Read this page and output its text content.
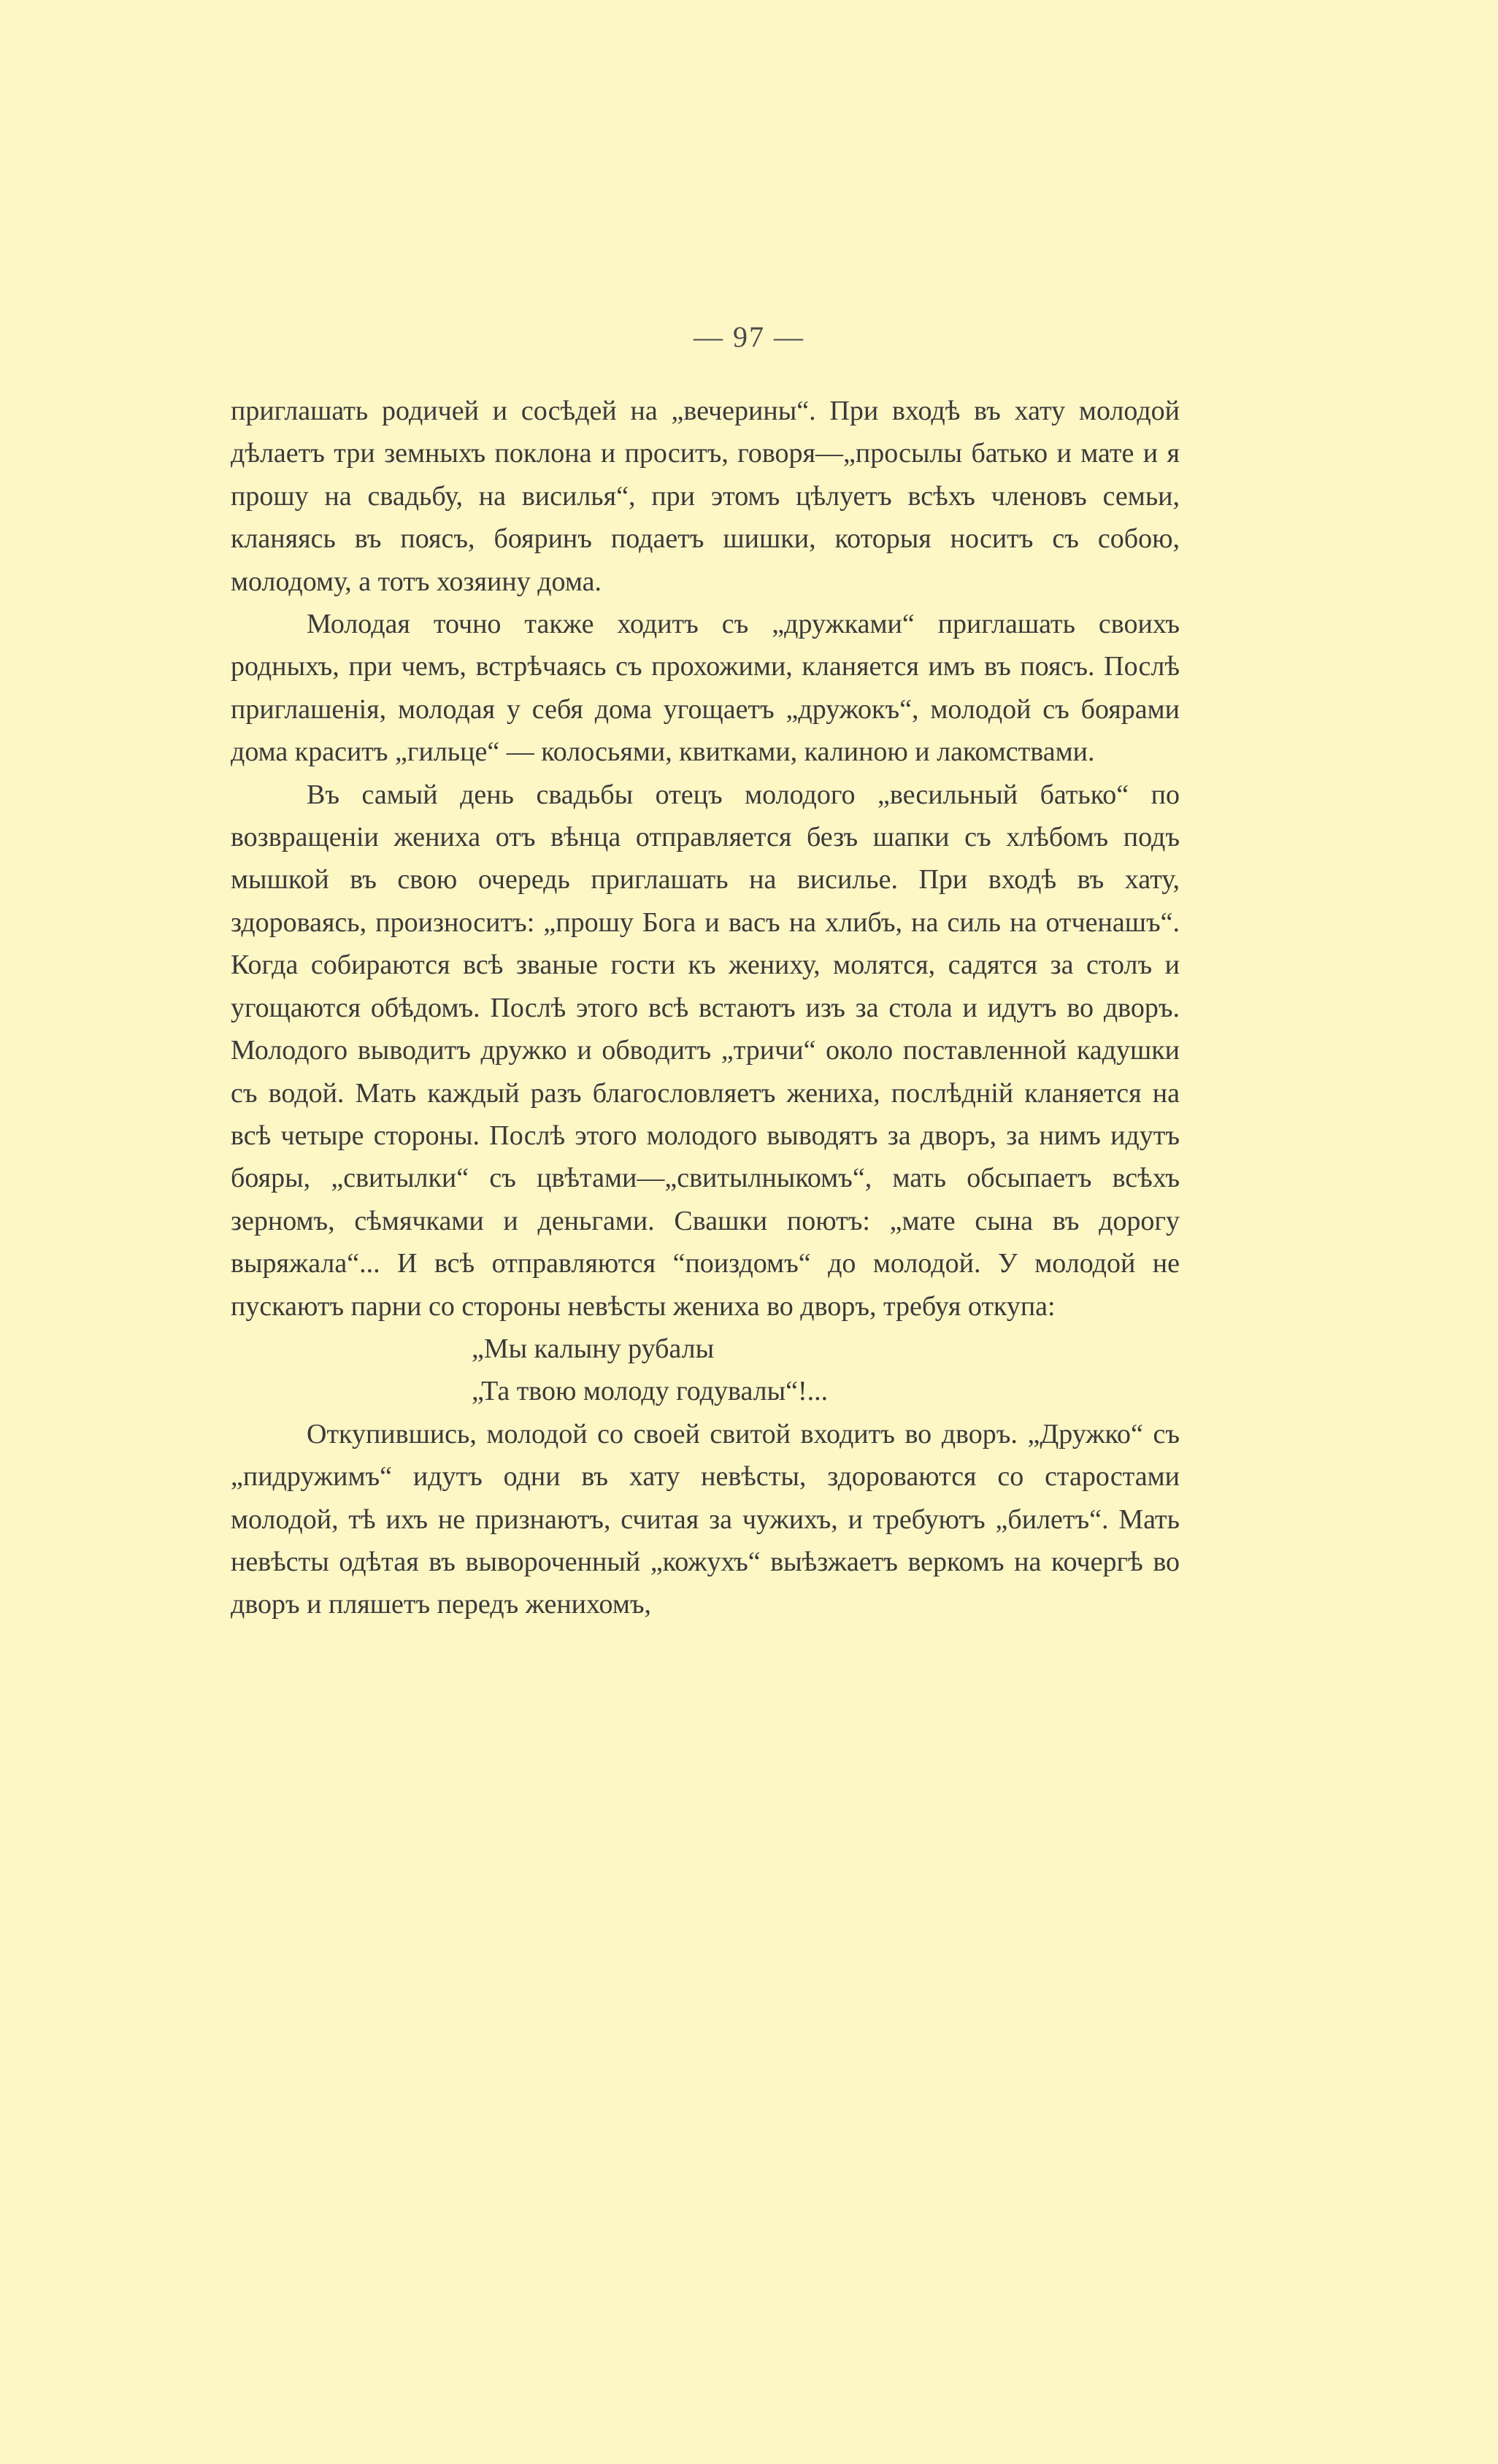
— 97 —

приглашать родичей и сосѣдей на „вечерины“. При входѣ въ хату молодой дѣлаетъ три земныхъ поклона и проситъ, говоря—„просылы батько и мате и я прошу на свадьбу, на висилья“, при этомъ цѣлуетъ всѣхъ членовъ семьи, кланяясь въ поясъ, бояринъ подаетъ шишки, которыя носитъ съ собою, молодому, а тотъ хозяину дома.

Молодая точно также ходитъ съ „дружками“ приглашать своихъ родныхъ, при чемъ, встрѣчаясь съ прохожими, кланяется имъ въ поясъ. Послѣ приглашенія, молодая у себя дома угощаетъ „дружокъ“, молодой съ боярами дома краситъ „гильце“ — колосьями, квитками, калиною и лакомствами.

Въ самый день свадьбы отецъ молодого „весильный батько“ по возвращеніи жениха отъ вѣнца отправляется безъ шапки съ хлѣбомъ подъ мышкой въ свою очередь приглашать на висилье. При входѣ въ хату, здороваясь, произноситъ: „прошу Бога и васъ на хлибъ, на силь на отченашъ“. Когда собираются всѣ званые гости къ жениху, молятся, садятся за столъ и угощаются обѣдомъ. Послѣ этого всѣ встаютъ изъ за стола и идутъ во дворъ. Молодого выводитъ дружко и обводитъ „тричи“ около поставленной кадушки съ водой. Мать каждый разъ благословляетъ жениха, послѣдній кланяется на всѣ четыре стороны. Послѣ этого молодого выводятъ за дворъ, за нимъ идутъ бояры, „свитылки“ съ цвѣтами—„свитылныкомъ“, мать обсыпаетъ всѣхъ зерномъ, сѣмячками и деньгами. Свашки поютъ: „мате сына въ дорогу выряжала“... И всѣ отправляются “поиздомъ“ до молодой. У молодой не пускаютъ парни со стороны невѣсты жениха во дворъ, требуя откупа:

„Мы калыну рубалы

„Та твою молоду годувалы“!...

Откупившись, молодой со своей свитой входитъ во дворъ. „Дружко“ съ „пидружимъ“ идутъ одни въ хату невѣсты, здороваются со старостами молодой, тѣ ихъ не признаютъ, считая за чужихъ, и требуютъ „билетъ“. Мать невѣсты одѣтая въ вывороченный „кожухъ“ выѣзжаетъ веркомъ на кочергѣ во дворъ и пляшетъ передъ женихомъ,
